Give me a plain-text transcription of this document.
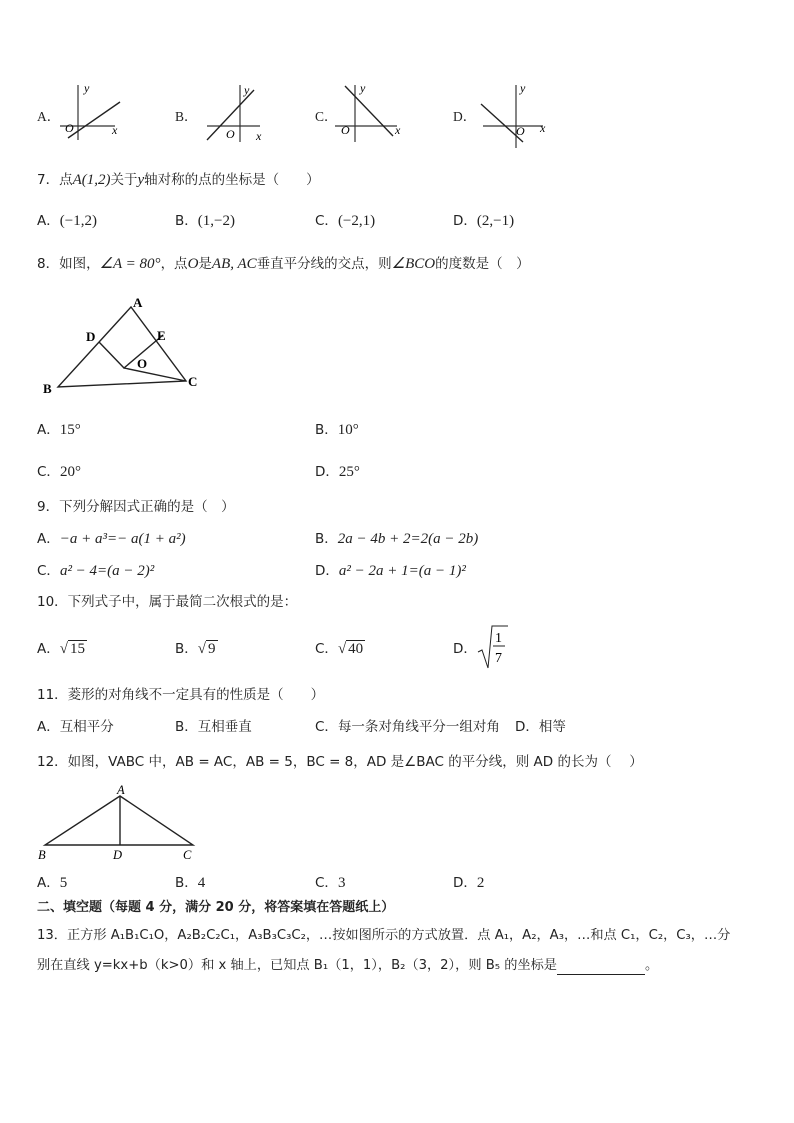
A．
y
O	x
B．
y
O x
C．
y
O	x
D．
y
O x
7．点A(1,2)关于y轴对称的点的坐标是（　　）
A．(−1,2)	B．(1,−2)	C．(−2,1)	D．(2,−1)
8．如图，∠A = 80°，点O是AB, AC垂直平分线的交点，则∠BCO的度数是（　）
A
B	C
D	E
O
A．15°	B．10°
C．20°	D．25°
9．下列分解因式正确的是（　）
A．−a + a³=− a(1 + a²)	B．2a − 4b + 2=2(a − 2b)
C．a² − 4=(a − 2)²	D．a² − 2a + 1=(a − 1)²
10．下列式子中，属于最简二次根式的是：
A．√ 15	B．√ 9	C．√ 40	D．
1
7
11．菱形的对角线不一定具有的性质是（　　）
A．互相平分	B．互相垂直	C．每一条对角线平分一组对角 D．相等
12．如图，VABC 中，AB = AC，AB = 5，BC = 8，AD 是∠BAC 的平分线，则 AD 的长为（　 ）
A
B	C
D
A．5	B．4	C．3	D．2
二、填空题（每题 4 分，满分 20 分，将答案填在答题纸上）
13．正方形 A₁B₁C₁O，A₂B₂C₂C₁，A₃B₃C₃C₂，…按如图所示的方式放置．点 A₁，A₂，A₃，…和点 C₁，C₂，C₃，…分
别在直线 y=kx+b（k>0）和 x 轴上，已知点 B₁（1，1），B₂（3，2），则 B₅ 的坐标是	。
